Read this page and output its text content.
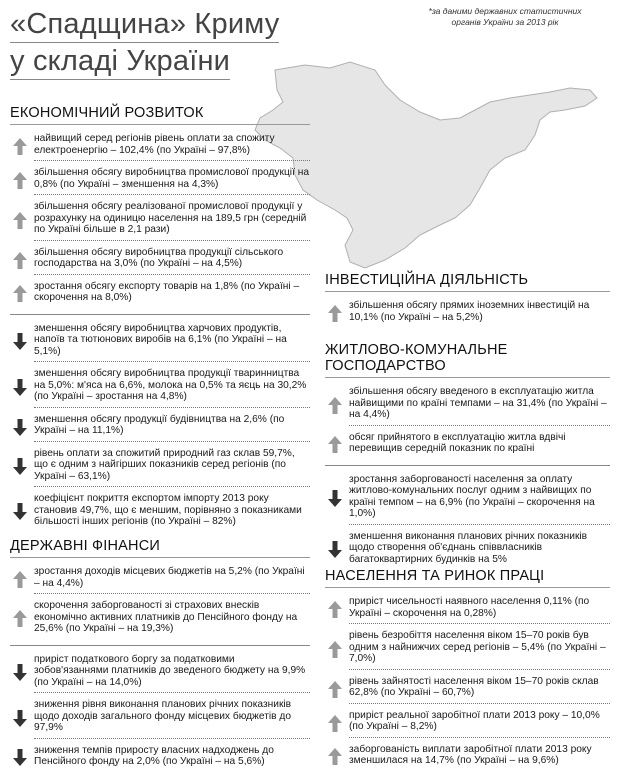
«Спадщина» Криму
у складі України
*за даними державних статистичних
органів України за 2013 рік
ЕКОНОМІЧНИЙ РОЗВИТОК
найвищий серед регіонів рівень оплати за спожиту електроенергію – 102,4% (по Україні – 97,8%)
збільшення обсягу виробництва промислової продукції на 0,8% (по Україні – зменшення на 4,3%)
збільшення обсягу реалізованої промислової продукції у розрахунку на одиницю населення на 189,5 грн (середній по Україні більше в 2,1 рази)
збільшення обсягу виробництва продукції сільського господарства на 3,0% (по Україні – на 4,5%)
зростання обсягу експорту товарів на 1,8% (по Україні – скорочення на 8,0%)
зменшення обсягу виробництва харчових продуктів, напоїв та тютюнових виробів на 6,1% (по Україні – на 5,1%)
зменшення обсягу виробництва продукції тваринництва на 5,0%: м'яса на 6,6%, молока на 0,5% та яєць на 30,2% (по Україні – зростання на 4,8%)
зменшення обсягу продукції будівництва на 2,6% (по Україні – на 11,1%)
рівень оплати за спожитий природний газ склав 59,7%, що є одним з найгірших показників серед регіонів (по Україні – 63,1%)
коефіцієнт покриття експортом імпорту 2013 року становив 49,7%, що є меншим, порівняно з показниками більшості інших регіонів (по Україні – 82%)
ДЕРЖАВНІ ФІНАНСИ
зростання доходів місцевих бюджетів на 5,2% (по Україні – на 4,4%)
скорочення заборгованості зі страхових внесків економічно активних платників до Пенсійного фонду на 25,6% (по Україні – на 19,3%)
приріст податкового боргу за податковими зобов'язаннями платників до зведеного бюджету на 9,9% (по Україні – на 14,0%)
зниження рівня виконання планових річних показників щодо доходів загального фонду місцевих бюджетів до 97,9%
зниження темпів приросту власних надходжень до Пенсійного фонду на 2,0% (по Україні – на 5,6%)
ІНВЕСТИЦІЙНА ДІЯЛЬНІСТЬ
збільшення обсягу прямих іноземних інвестицій на 10,1% (по Україні – на 5,2%)
ЖИТЛОВО-КОМУНАЛЬНЕ ГОСПОДАРСТВО
збільшення обсягу введеного в експлуатацію житла найвищими по країні темпами – на 31,4% (по Україні – на 4,4%)
обсяг прийнятого в експлуатацію житла вдвічі перевищив середній показник по країні
зростання заборгованості населення за оплату житлово-комунальних послуг одним з найвищих по країні темпом – на 6,9% (по Україні – скорочення на 1,0%)
зменшення виконання планових річних показників щодо створення об'єднань співвласників багатоквартирних будинків на 5%
НАСЕЛЕННЯ ТА РИНОК ПРАЦІ
приріст чисельності наявного населення 0,11% (по Україні – скорочення на 0,28%)
рівень безробіття населення віком 15–70 років був одним з найнижчих серед регіонів – 5,4% (по Україні – 7,0%)
рівень зайнятості населення віком 15–70 років склав 62,8% (по Україні – 60,7%)
приріст реальної заробітної плати 2013 року – 10,0% (по Україні – 8,2%)
заборгованість виплати заробітної плати 2013 року зменшилася на 14,7% (по Україні – на 9,6%)
